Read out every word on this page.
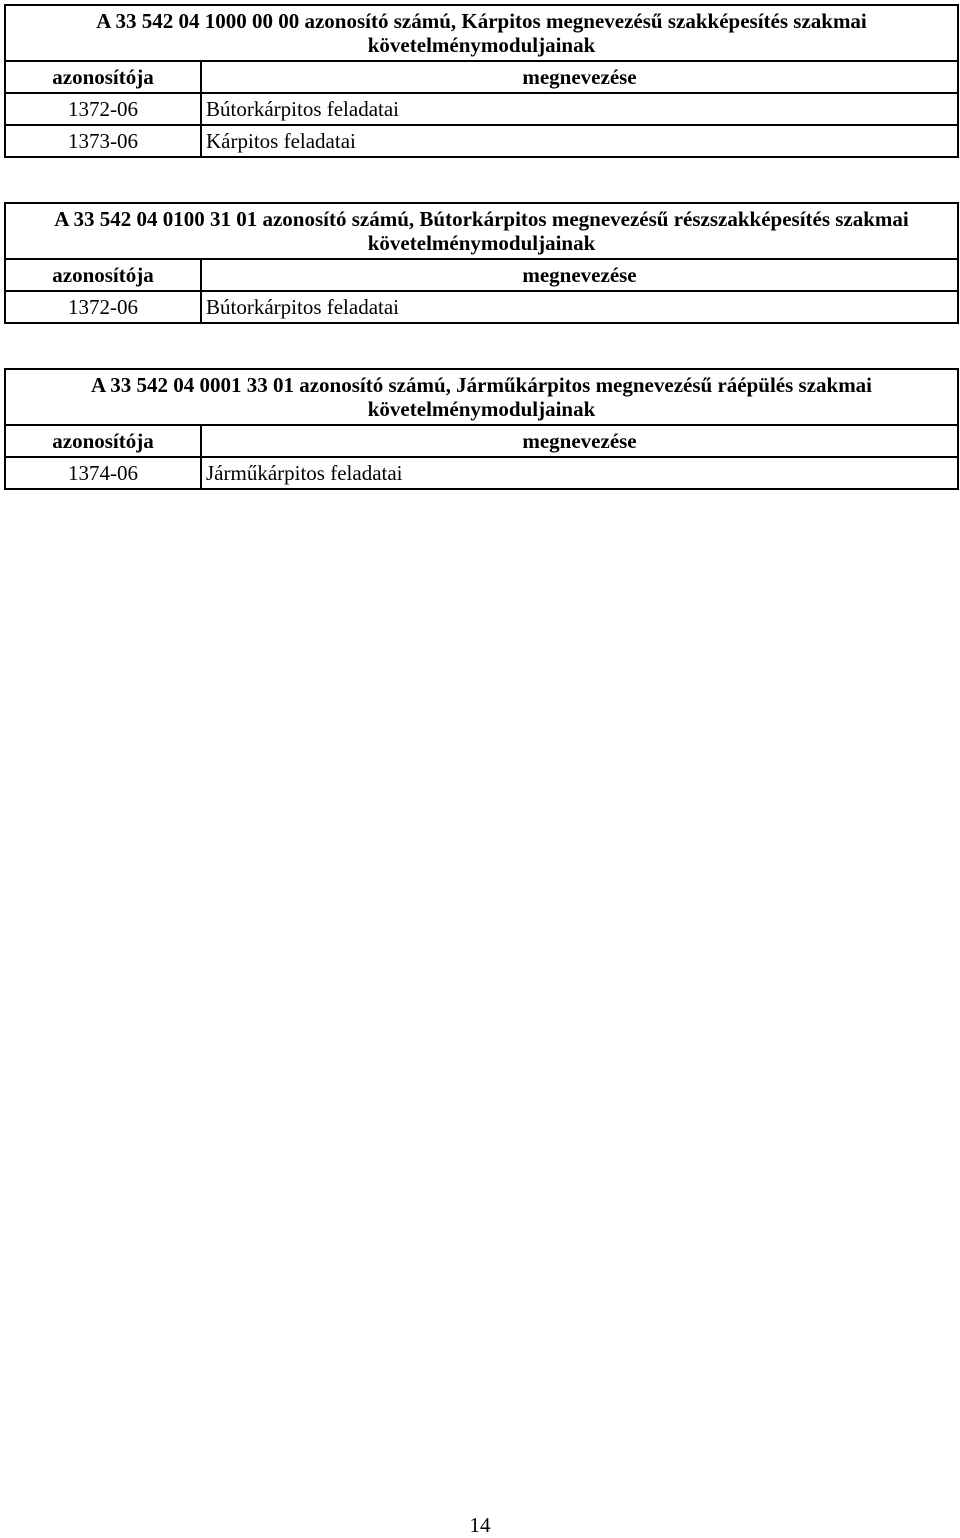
A 33 542 04 1000 00 00 azonosító számú, Kárpitos megnevezésű szakképesítés szakmai követelménymoduljainak	
azonosítója	megnevezése
1372-06	Bútorkárpitos feladatai
1373-06	Kárpitos feladatai
A 33 542 04 0100 31 01 azonosító számú, Bútorkárpitos megnevezésű részszakképesítés szakmai követelménymoduljainak	
azonosítója	megnevezése
1372-06	Bútorkárpitos feladatai
A 33 542 04 0001 33 01 azonosító számú, Járműkárpitos megnevezésű ráépülés szakmai követelménymoduljainak	
azonosítója	megnevezése
1374-06	Járműkárpitos feladatai
14
